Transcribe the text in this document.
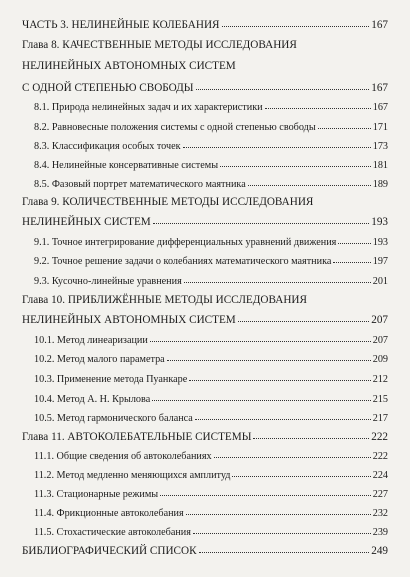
ЧАСТЬ 3. НЕЛИНЕЙНЫЕ КОЛЕБАНИЯ	167
Глава 8. КАЧЕСТВЕННЫЕ МЕТОДЫ ИССЛЕДОВАНИЯ
НЕЛИНЕЙНЫХ АВТОНОМНЫХ СИСТЕМ
С ОДНОЙ СТЕПЕНЬЮ СВОБОДЫ	167
8.1. Природа нелинейных задач и их характеристики	167
8.2. Равновесные положения системы с одной степенью свободы	171
8.3. Классификация особых точек	173
8.4. Нелинейные консервативные системы	181
8.5. Фазовый портрет математического маятника	189
Глава 9. КОЛИЧЕСТВЕННЫЕ МЕТОДЫ ИССЛЕДОВАНИЯ
НЕЛИНЕЙНЫХ СИСТЕМ	193
9.1. Точное интегрирование дифференциальных уравнений движения	193
9.2. Точное решение задачи о колебаниях математического маятника	197
9.3. Кусочно-линейные уравнения	201
Глава 10. ПРИБЛИЖЁННЫЕ МЕТОДЫ ИССЛЕДОВАНИЯ
НЕЛИНЕЙНЫХ АВТОНОМНЫХ СИСТЕМ	207
10.1. Метод линеаризации	207
10.2. Метод малого параметра	209
10.3. Применение метода Пуанкаре	212
10.4. Метод А. Н. Крылова	215
10.5. Метод гармонического баланса	217
Глава 11. АВТОКОЛЕБАТЕЛЬНЫЕ СИСТЕМЫ	222
11.1. Общие сведения об автоколебаниях	222
11.2. Метод медленно меняющихся амплитуд	224
11.3. Стационарные режимы	227
11.4. Фрикционные автоколебания	232
11.5. Стохастические автоколебания	239
БИБЛИОГРАФИЧЕСКИЙ СПИСОК	249
